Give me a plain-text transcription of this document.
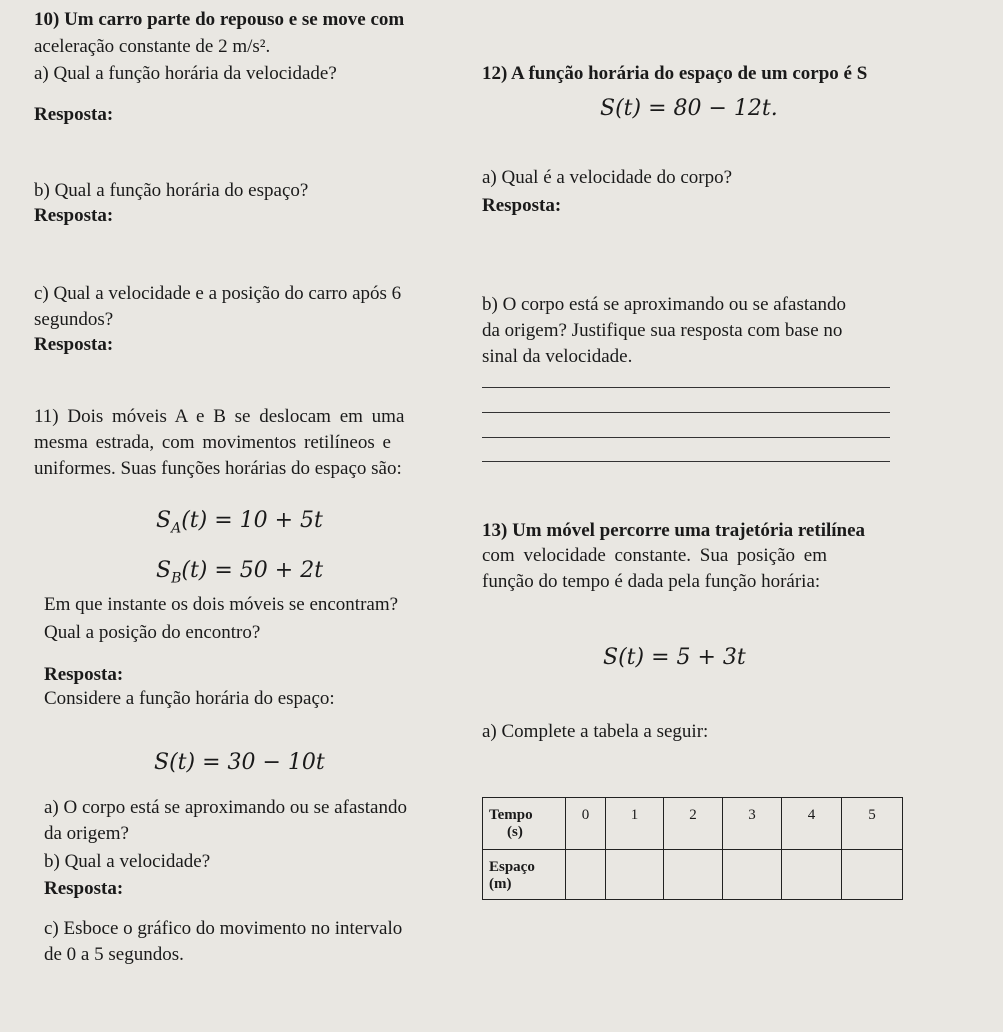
10) Um carro parte do repouso e se move com
aceleração constante de 2 m/s².
a) Qual a função horária da velocidade?
Resposta:
b) Qual a função horária do espaço?
Resposta:
c) Qual a velocidade e a posição do carro após 6
segundos?
Resposta:
11) Dois móveis A e B se deslocam em uma
mesma estrada, com movimentos retilíneos e
uniformes. Suas funções horárias do espaço são:
$S_A(t) = 10 + 5t$
$S_B(t) = 50 + 2t$
Em que instante os dois móveis se encontram?
Qual a posição do encontro?
Resposta:
Considere a função horária do espaço:
S(t) = 30 − 10t
a) O corpo está se aproximando ou se afastando
da origem?
b) Qual a velocidade?
Resposta:
c) Esboce o gráfico do movimento no intervalo
de 0 a 5 segundos.
12) A função horária do espaço de um corpo é S
S(t) = 80 − 12t.
a) Qual é a velocidade do corpo?
Resposta:
b) O corpo está se aproximando ou se afastando
da origem? Justifique sua resposta com base no
sinal da velocidade.
13) Um móvel percorre uma trajetória retilínea
com velocidade constante. Sua posição em
função do tempo é dada pela função horária:
S(t) = 5 + 3t
a) Complete a tabela a seguir:
Tempo
(s)	0	1	2	3	4	5

Espaço
(m)						
